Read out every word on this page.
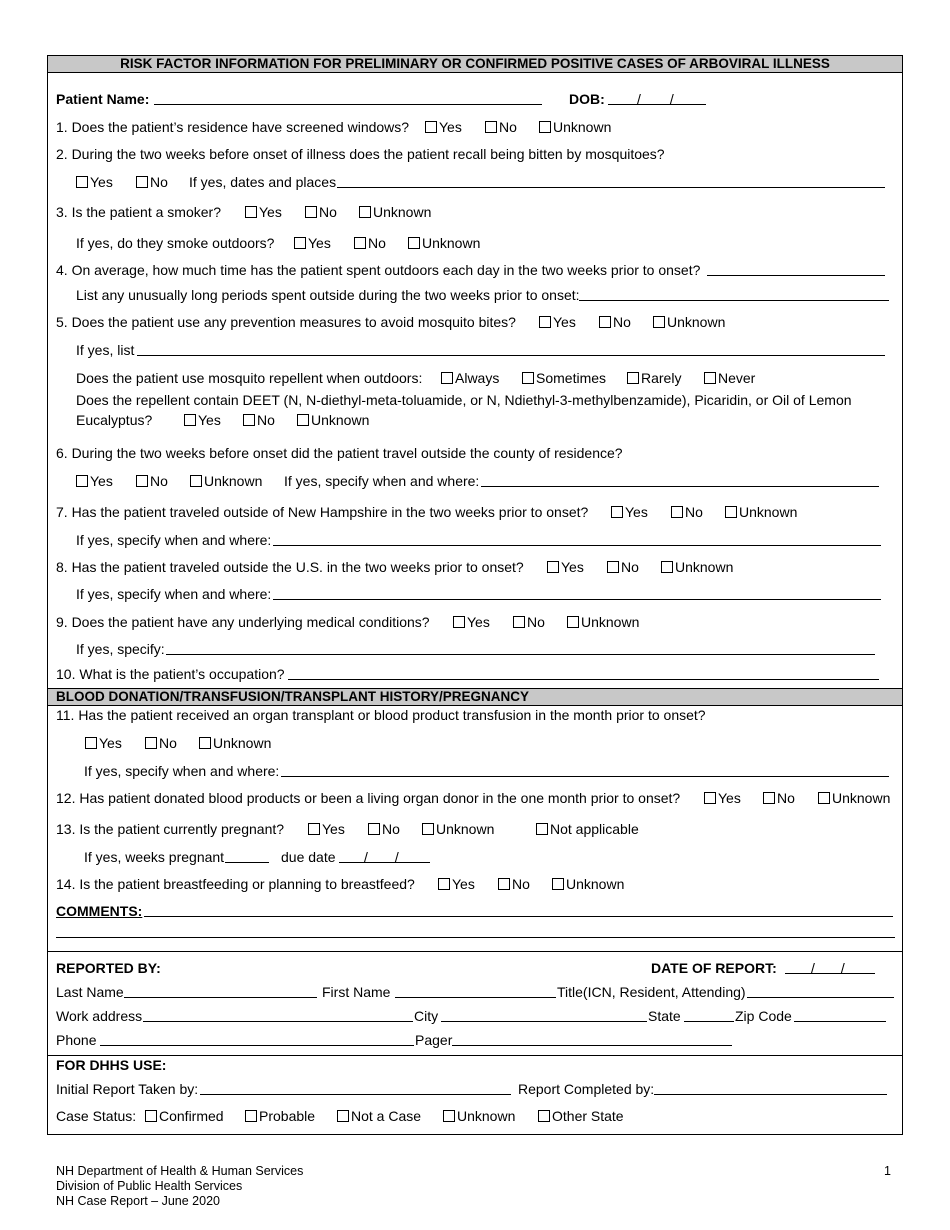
RISK FACTOR INFORMATION FOR PRELIMINARY OR CONFIRMED POSITIVE CASES OF ARBOVIRAL ILLNESS
Patient Name:	DOB: / /
1. Does the patient’s residence have screened windows? Yes	No	Unknown
2. During the two weeks before onset of illness does the patient recall being bitten by mosquitoes?
Yes	No If yes, dates and places
3. Is the patient a smoker?	Yes	No	Unknown
If yes, do they smoke outdoors? Yes	No	Unknown
4. On average, how much time has the patient spent outdoors each day in the two weeks prior to onset?
List any unusually long periods spent outside during the two weeks prior to onset:
5. Does the patient use any prevention measures to avoid mosquito bites?	Yes	No	Unknown
If yes, list
Does the patient use mosquito repellent when outdoors: Always	Sometimes Rarely	Never
Does the repellent contain DEET (N, N-diethyl-meta-toluamide, or N, Ndiethyl-3-methylbenzamide), Picaridin, or Oil of Lemon
Eucalyptus?	Yes	No	Unknown
6. During the two weeks before onset did the patient travel outside the county of residence?
Yes	No	Unknown If yes, specify when and where:
7. Has the patient traveled outside of New Hampshire in the two weeks prior to onset?	Yes	No	Unknown
If yes, specify when and where:
8. Has the patient traveled outside the U.S. in the two weeks prior to onset?	Yes	No	Unknown
If yes, specify when and where:
9. Does the patient have any underlying medical conditions?	Yes	No	Unknown
If yes, specify:
10. What is the patient’s occupation?
BLOOD DONATION/TRANSFUSION/TRANSPLANT HISTORY/PREGNANCY
11. Has the patient received an organ transplant or blood product transfusion in the month prior to onset?
Yes	No	Unknown
If yes, specify when and where:
12. Has patient donated blood products or been a living organ donor in the one month prior to onset?	Yes	No	Unknown
13. Is the patient currently pregnant?	Yes	No	Unknown	Not applicable
If yes, weeks pregnant	due date / /
14. Is the patient breastfeeding or planning to breastfeed?	Yes	No	Unknown
COMMENTS:
REPORTED BY:	DATE OF REPORT: / /
Last Name	First Name	Title(ICN, Resident, Attending)
Work address	City	State	Zip Code
Phone	Pager
FOR DHHS USE:
Initial Report Taken by:	Report Completed by:
Case Status: Confirmed	Probable	Not a Case	Unknown	Other State
NH Department of Health & Human Services
Division of Public Health Services
NH Case Report – June 2020
1
